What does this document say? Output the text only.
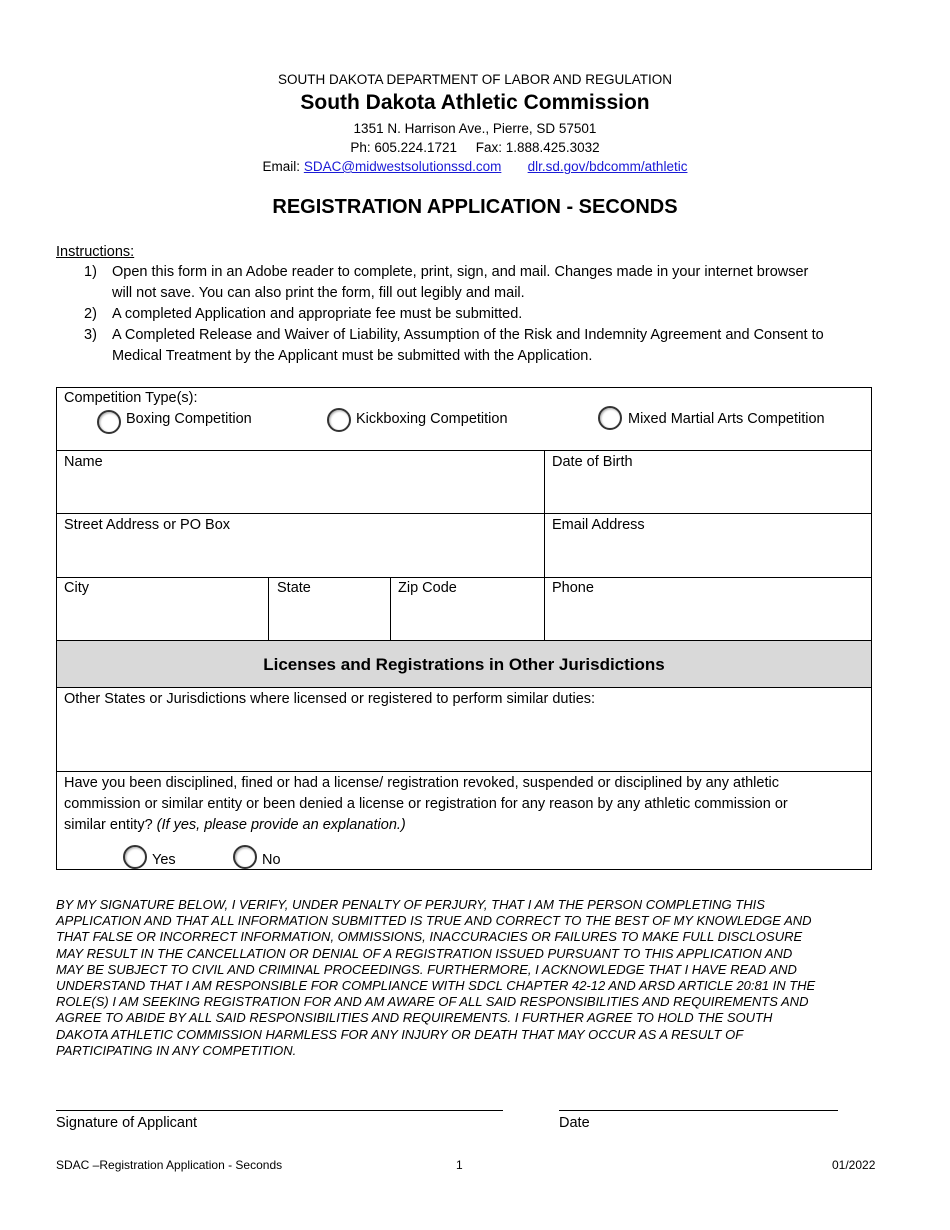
SOUTH DAKOTA DEPARTMENT OF LABOR AND REGULATION
South Dakota Athletic Commission
1351 N. Harrison Ave., Pierre, SD 57501
Ph: 605.224.1721 Fax: 1.888.425.3032
Email: SDAC@midwestsolutionssd.com dlr.sd.gov/bdcomm/athletic
REGISTRATION APPLICATION - SECONDS
Instructions:
1) Open this form in an Adobe reader to complete, print, sign, and mail. Changes made in your internet browser
will not save. You can also print the form, fill out legibly and mail.
2) A completed Application and appropriate fee must be submitted.
3) A Completed Release and Waiver of Liability, Assumption of the Risk and Indemnity Agreement and Consent to
Medical Treatment by the Applicant must be submitted with the Application.
Competition Type(s):
Boxing Competition	Kickboxing Competition	Mixed Martial Arts Competition
Name	Date of Birth
Street Address or PO Box	Email Address
City	State	Zip Code	Phone
Licenses and Registrations in Other Jurisdictions
Other States or Jurisdictions where licensed or registered to perform similar duties:
Have you been disciplined, fined or had a license/ registration revoked, suspended or disciplined by any athletic
commission or similar entity or been denied a license or registration for any reason by any athletic commission or
similar entity? (If yes, please provide an explanation.)
Yes	No
BY MY SIGNATURE BELOW, I VERIFY, UNDER PENALTY OF PERJURY, THAT I AM THE PERSON COMPLETING THIS
APPLICATION AND THAT ALL INFORMATION SUBMITTED IS TRUE AND CORRECT TO THE BEST OF MY KNOWLEDGE AND
THAT FALSE OR INCORRECT INFORMATION, OMMISSIONS, INACCURACIES OR FAILURES TO MAKE FULL DISCLOSURE
MAY RESULT IN THE CANCELLATION OR DENIAL OF A REGISTRATION ISSUED PURSUANT TO THIS APPLICATION AND
MAY BE SUBJECT TO CIVIL AND CRIMINAL PROCEEDINGS. FURTHERMORE, I ACKNOWLEDGE THAT I HAVE READ AND
UNDERSTAND THAT I AM RESPONSIBLE FOR COMPLIANCE WITH SDCL CHAPTER 42-12 AND ARSD ARTICLE 20:81 IN THE
ROLE(S) I AM SEEKING REGISTRATION FOR AND AM AWARE OF ALL SAID RESPONSIBILITIES AND REQUIREMENTS AND
AGREE TO ABIDE BY ALL SAID RESPONSIBILITIES AND REQUIREMENTS. I FURTHER AGREE TO HOLD THE SOUTH
DAKOTA ATHLETIC COMMISSION HARMLESS FOR ANY INJURY OR DEATH THAT MAY OCCUR AS A RESULT OF
PARTICIPATING IN ANY COMPETITION.
Signature of Applicant	Date
SDAC –Registration Application - Seconds	1	01/2022
